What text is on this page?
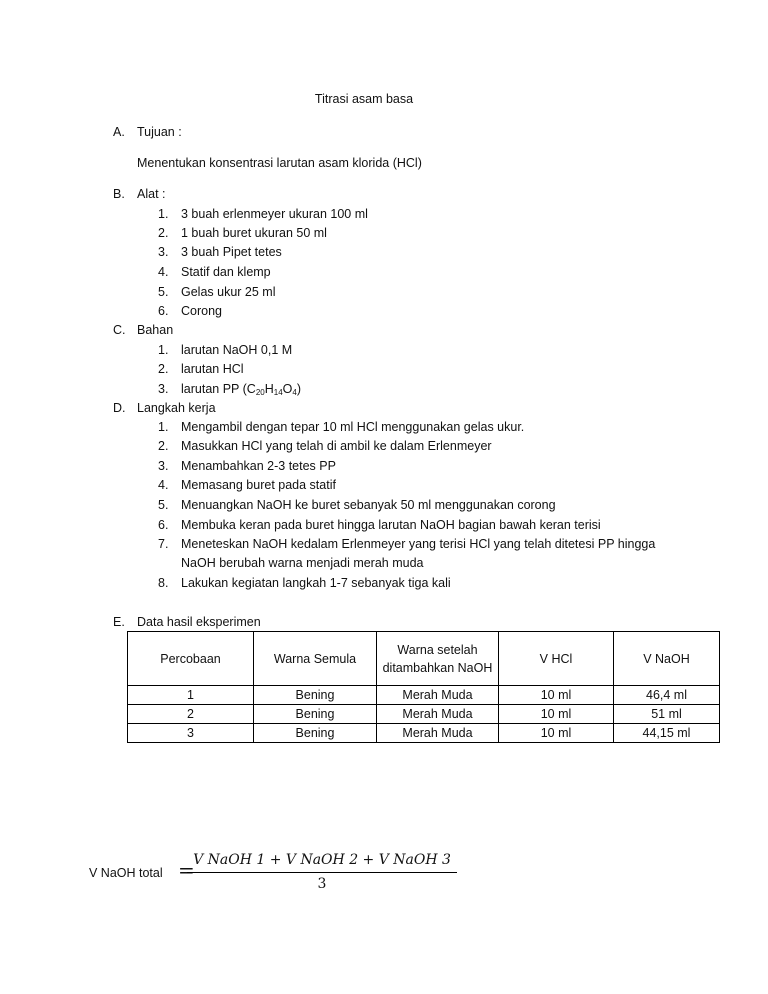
Titrasi asam basa
A. Tujuan :
Menentukan konsentrasi larutan asam klorida (HCl)
B. Alat :
1. 3 buah erlenmeyer ukuran 100 ml
2. 1 buah buret ukuran 50 ml
3. 3 buah Pipet tetes
4. Statif dan klemp
5. Gelas ukur 25 ml
6. Corong
C. Bahan
1. larutan NaOH 0,1 M
2. larutan HCl
3. larutan PP $(C_{20}H_{14}O_4)$
D. Langkah kerja
1. Mengambil dengan tepar 10 ml HCl menggunakan gelas ukur.
2. Masukkan HCl yang telah di ambil ke dalam Erlenmeyer
3. Menambahkan 2-3 tetes PP
4. Memasang buret pada statif
5. Menuangkan NaOH ke buret sebanyak 50 ml menggunakan corong
6. Membuka keran pada buret hingga larutan NaOH bagian bawah keran terisi
7. Meneteskan NaOH kedalam Erlenmeyer yang terisi HCl yang telah ditetesi PP hingga
NaOH berubah warna menjadi merah muda
8. Lakukan kegiatan langkah 1-7 sebanyak tiga kali
E. Data hasil eksperimen
Percobaan	Warna Semula	Warna setelah ditambahkan NaOH	V HCl	V NaOH
1	Bening	Merah Muda	10 ml	46,4 ml
2	Bening	Merah Muda	10 ml	51 ml
3	Bening	Merah Muda	10 ml	44,15 ml
V NaOH total =
V NaOH 1 + V NaOH 2 + V NaOH 3
3
